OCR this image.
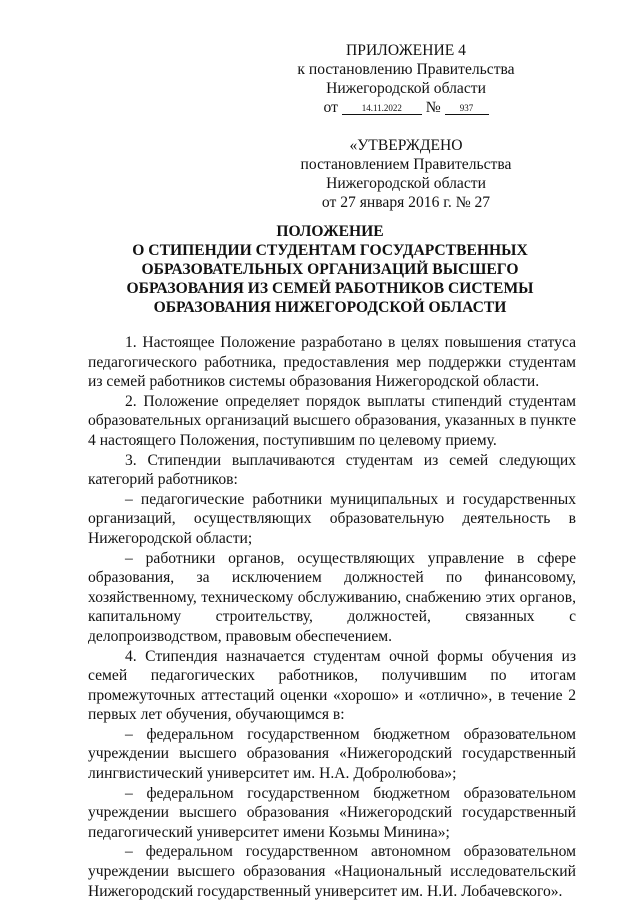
ПРИЛОЖЕНИЕ 4
к постановлению Правительства
Нижегородской области
от	14.11.2022 № 937
«УТВЕРЖДЕНО
постановлением Правительства
Нижегородской области
от 27 января 2016 г. № 27
ПОЛОЖЕНИЕ
О СТИПЕНДИИ СТУДЕНТАМ ГОСУДАРСТВЕННЫХ
ОБРАЗОВАТЕЛЬНЫХ ОРГАНИЗАЦИЙ ВЫСШЕГО
ОБРАЗОВАНИЯ ИЗ СЕМЕЙ РАБОТНИКОВ СИСТЕМЫ
ОБРАЗОВАНИЯ НИЖЕГОРОДСКОЙ ОБЛАСТИ

1. Настоящее Положение разработано в целях повышения статуса педагогического работника, предоставления мер поддержки студентам из семей работников системы образования Нижегородской области.

2. Положение определяет порядок выплаты стипендий студентам образовательных организаций высшего образования, указанных в пункте 4 настоящего Положения, поступившим по целевому приему.

3. Стипендии выплачиваются студентам из семей следующих категорий работников:

– педагогические работники муниципальных и государственных организаций, осуществляющих образовательную деятельность в Нижегородской области;

– работники органов, осуществляющих управление в сфере образования, за исключением должностей по финансовому, хозяйственному, техническому обслуживанию, снабжению этих органов, капитальному строительству, должностей, связанных с делопроизводством, правовым обеспечением.

4. Стипендия назначается студентам очной формы обучения из семей педагогических работников, получившим по итогам промежуточных аттестаций оценки «хорошо» и «отлично», в течение 2 первых лет обучения, обучающимся в:

– федеральном государственном бюджетном образовательном учреждении высшего образования «Нижегородский государственный лингвистический университет им. Н.А. Добролюбова»;

– федеральном государственном бюджетном образовательном учреждении высшего образования «Нижегородский государственный педагогический университет имени Козьмы Минина»;

– федеральном государственном автономном образовательном учреждении высшего образования «Национальный исследовательский Нижегородский государственный университет им. Н.И. Лобачевского».
